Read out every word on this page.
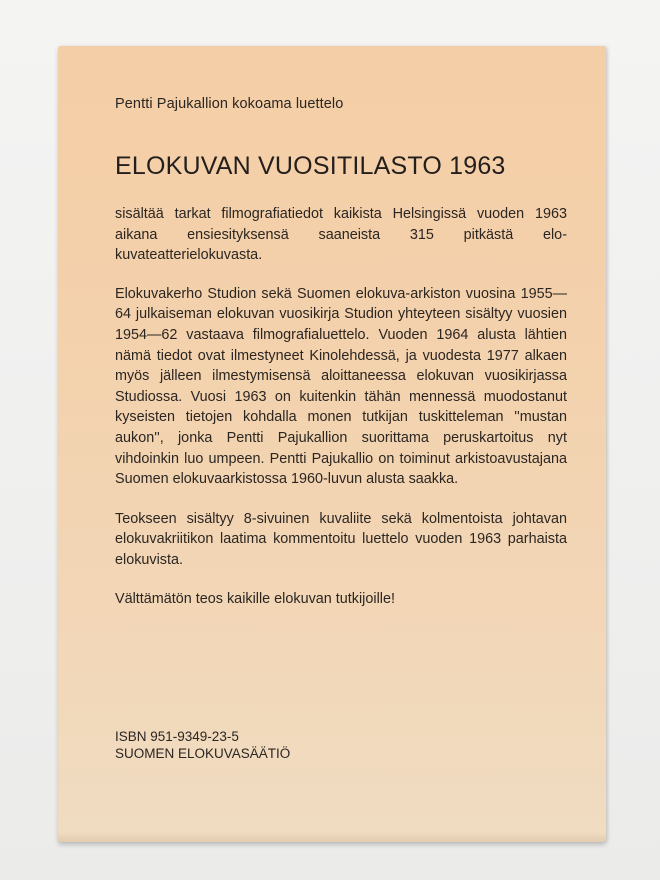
Pentti Pajukallion kokoama luettelo

ELOKUVAN VUOSITILASTO 1963

sisältää tarkat filmografiatiedot kaikista Helsingissä vuoden 1963 aikana ensiesityksensä saaneista 315 pitkästä elokuvateatterielokuvasta.

Elokuvakerho Studion sekä Suomen elokuva-arkiston vuosina 1955—64 julkaiseman elokuvan vuosikirja Studion yhteyteen sisältyy vuosien 1954—62 vastaava filmografialuettelo. Vuoden 1964 alusta lähtien nämä tiedot ovat ilmestyneet Kinolehdessä, ja vuodesta 1977 alkaen myös jälleen ilmestymisensä aloittaneessa elokuvan vuosikirjassa Studiossa. Vuosi 1963 on kuitenkin tähän mennessä muodostanut kyseisten tietojen kohdalla monen tutkijan tuskitteleman ''mustan aukon'', jonka Pentti Pajukallion suorittama peruskartoitus nyt vihdoinkin luo umpeen. Pentti Pajukallio on toiminut arkistoavustajana Suomen elokuvaarkistossa 1960-luvun alusta saakka.

Teokseen sisältyy 8-sivuinen kuvaliite sekä kolmentoista johtavan elokuvakriitikon laatima kommentoitu luettelo vuoden 1963 parhaista elokuvista.

Välttämätön teos kaikille elokuvan tutkijoille!

ISBN 951-9349-23-5
SUOMEN ELOKUVASÄÄTIÖ
